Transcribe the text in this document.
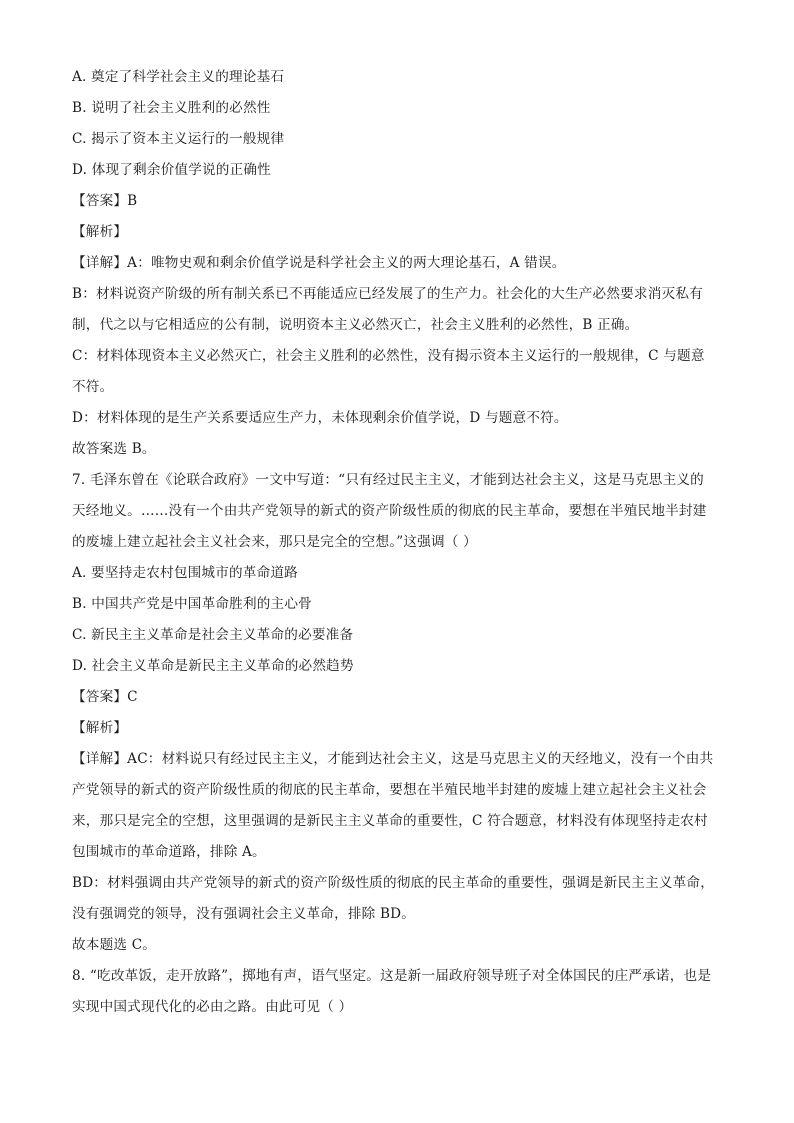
A. 奠定了科学社会主义的理论基石
B. 说明了社会主义胜利的必然性
C. 揭示了资本主义运行的一般规律
D. 体现了剩余价值学说的正确性
【答案】B
【解析】
【详解】A：唯物史观和剩余价值学说是科学社会主义的两大理论基石，A 错误。
B：材料说资产阶级的所有制关系已不再能适应已经发展了的生产力。社会化的大生产必然要求消灭私有
制，代之以与它相适应的公有制，说明资本主义必然灭亡，社会主义胜利的必然性，B 正确。
C：材料体现资本主义必然灭亡，社会主义胜利的必然性，没有揭示资本主义运行的一般规律，C 与题意
不符。
D：材料体现的是生产关系要适应生产力，未体现剩余价值学说，D 与题意不符。
故答案选 B。
7. 毛泽东曾在《论联合政府》一文中写道：“只有经过民主主义，才能到达社会主义，这是马克思主义的
天经地义。……没有一个由共产党领导的新式的资产阶级性质的彻底的民主革命，要想在半殖民地半封建
的废墟上建立起社会主义社会来，那只是完全的空想。”这强调（ ）
A. 要坚持走农村包围城市的革命道路
B. 中国共产党是中国革命胜利的主心骨
C. 新民主主义革命是社会主义革命的必要准备
D. 社会主义革命是新民主主义革命的必然趋势
【答案】C
【解析】
【详解】AC：材料说只有经过民主主义，才能到达社会主义，这是马克思主义的天经地义，没有一个由共
产党领导的新式的资产阶级性质的彻底的民主革命，要想在半殖民地半封建的废墟上建立起社会主义社会
来，那只是完全的空想，这里强调的是新民主主义革命的重要性，C 符合题意，材料没有体现坚持走农村
包围城市的革命道路，排除 A。
BD：材料强调由共产党领导的新式的资产阶级性质的彻底的民主革命的重要性，强调是新民主主义革命，
没有强调党的领导，没有强调社会主义革命，排除 BD。
故本题选 C。
8. “吃改革饭，走开放路”，掷地有声，语气坚定。这是新一届政府领导班子对全体国民的庄严承诺，也是
实现中国式现代化的必由之路。由此可见（ ）
